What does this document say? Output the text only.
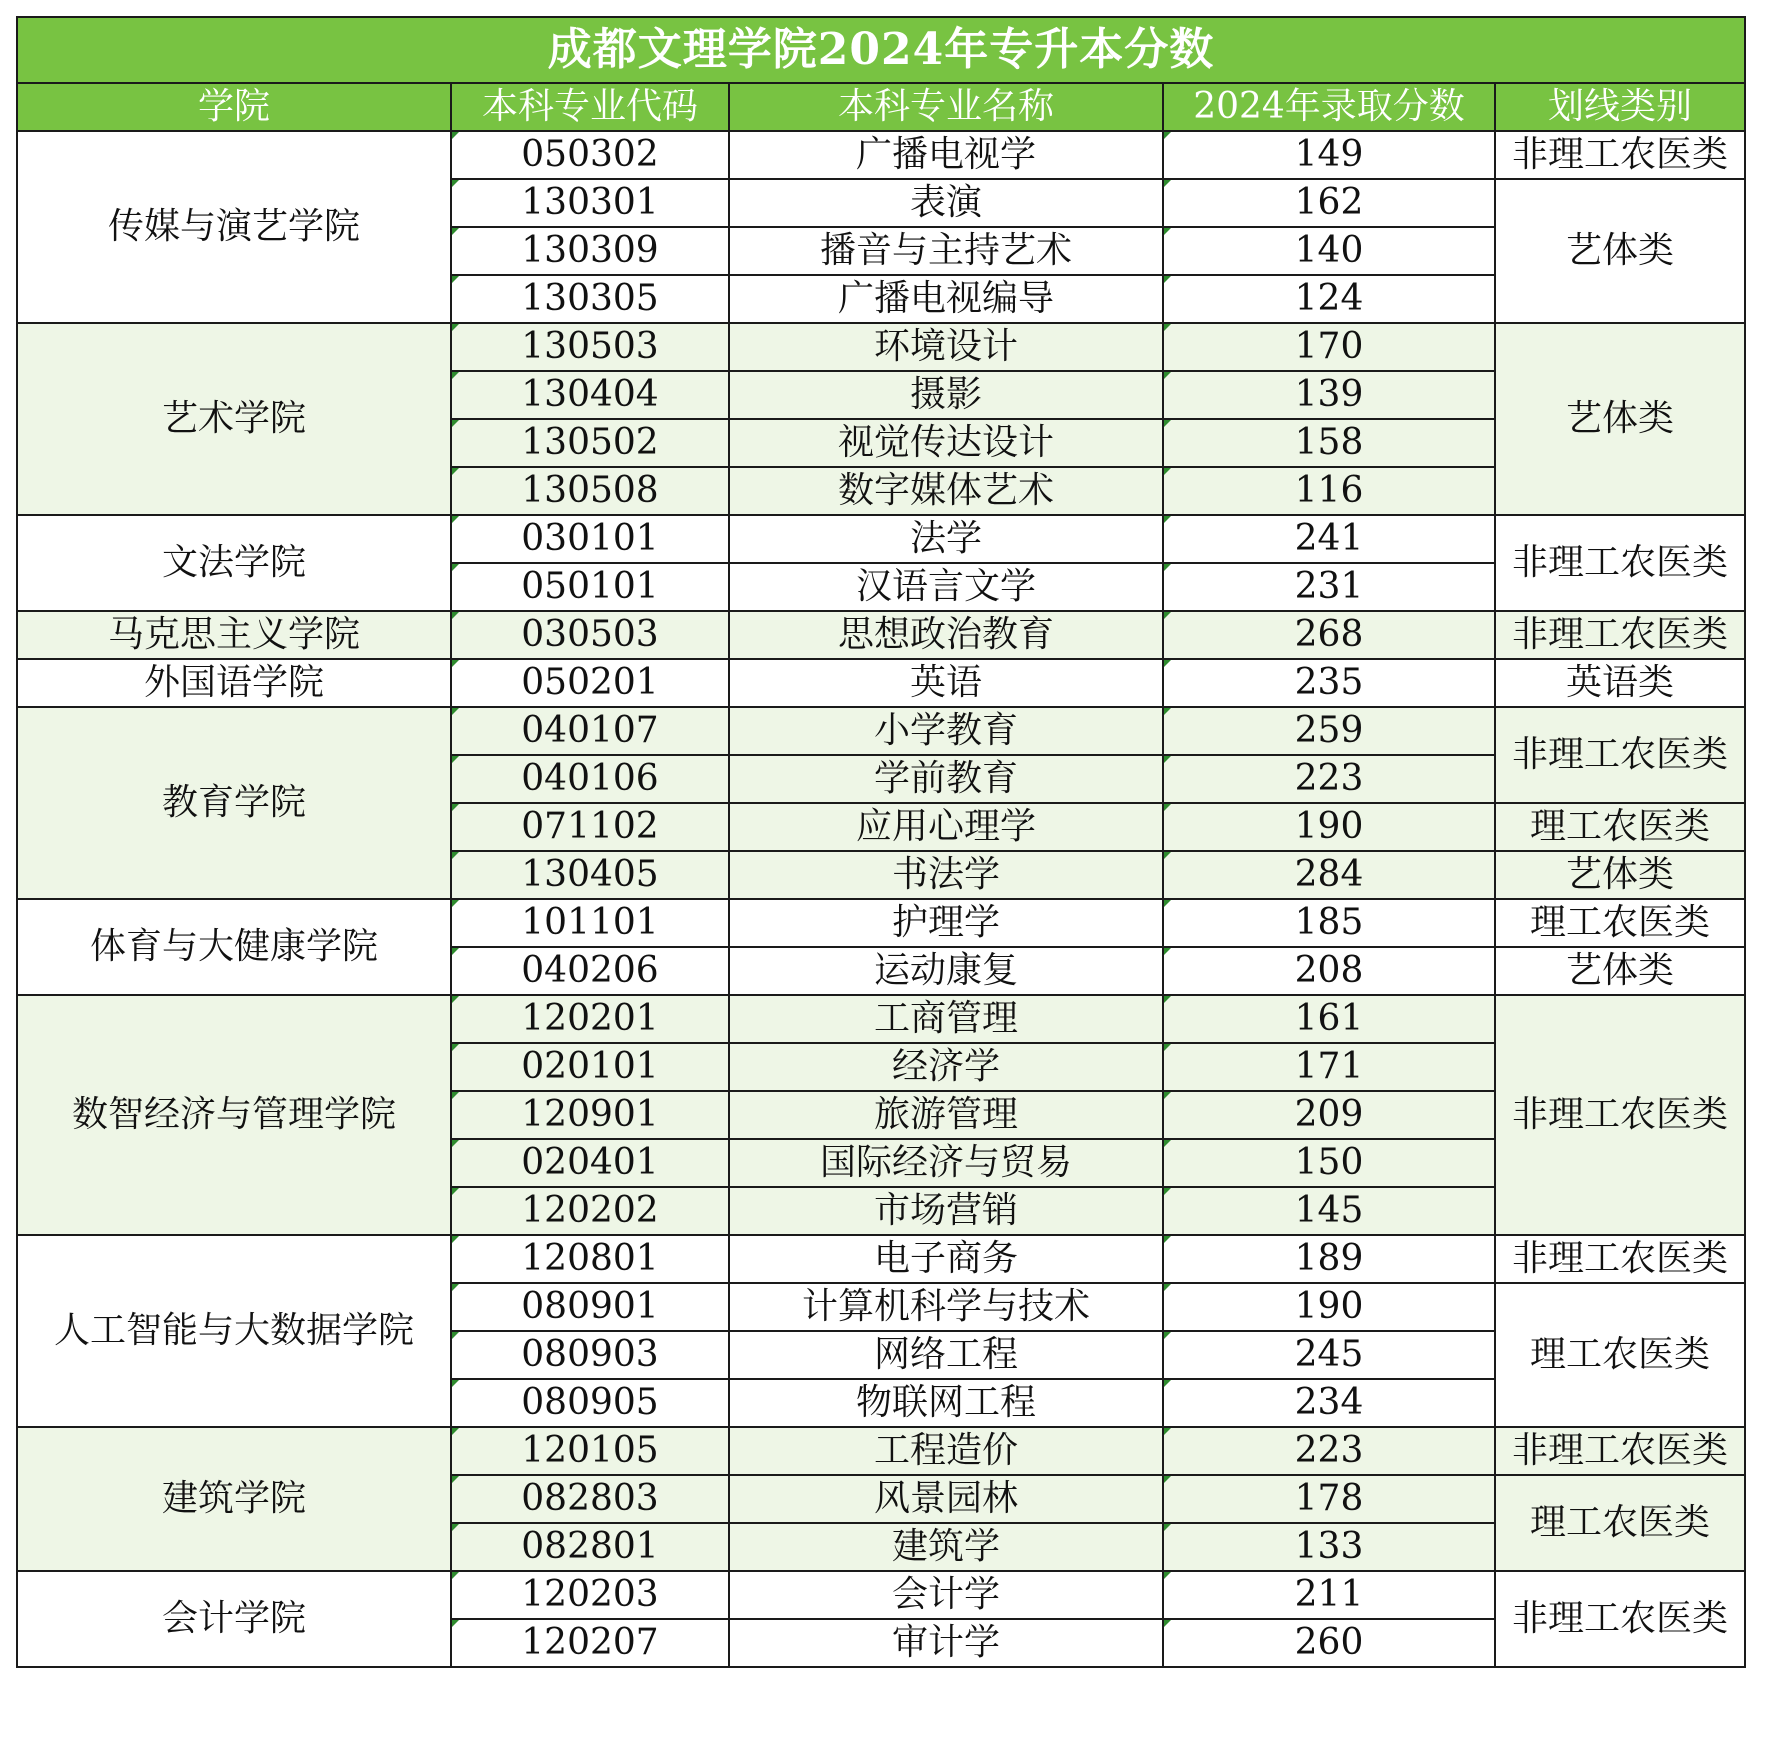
成都文理学院2024年专升本分数				
学院	本科专业代码	本科专业名称	2024年录取分数	划线类别
传媒与演艺学院	050302	广播电视学	149	非理工农医类
	130301	表演	162	艺体类
	130309	播音与主持艺术	140	
	130305	广播电视编导	124	
艺术学院	130503	环境设计	170	艺体类
	130404	摄影	139	
	130502	视觉传达设计	158	
	130508	数字媒体艺术	116	
文法学院	030101	法学	241	非理工农医类
	050101	汉语言文学	231	
马克思主义学院	030503	思想政治教育	268	非理工农医类
外国语学院	050201	英语	235	英语类
教育学院	040107	小学教育	259	非理工农医类
	040106	学前教育	223	
	071102	应用心理学	190	理工农医类
	130405	书法学	284	艺体类
体育与大健康学院	101101	护理学	185	理工农医类
	040206	运动康复	208	艺体类
数智经济与管理学院	120201	工商管理	161	非理工农医类
	020101	经济学	171	
	120901	旅游管理	209	
	020401	国际经济与贸易	150	
	120202	市场营销	145	
人工智能与大数据学院	120801	电子商务	189	非理工农医类
	080901	计算机科学与技术	190	理工农医类
	080903	网络工程	245	
	080905	物联网工程	234	
建筑学院	120105	工程造价	223	非理工农医类
	082803	风景园林	178	理工农医类
	082801	建筑学	133	
会计学院	120203	会计学	211	非理工农医类
	120207	审计学	260	
